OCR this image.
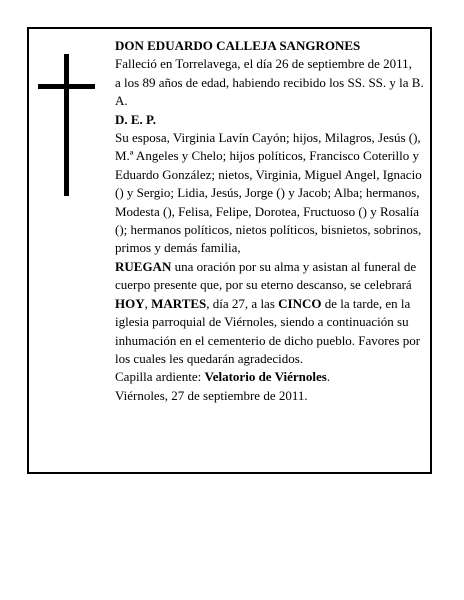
DON EDUARDO CALLEJA SANGRONES

Falleció en Torrelavega, el día 26 de septiembre de 2011,

a los 89 años de edad, habiendo recibido los SS. SS. y la B. A.

D. E. P.

Su esposa, Virginia Lavín Cayón; hijos, Milagros, Jesús (), M.ª Angeles y Chelo; hijos políticos, Francisco Coterillo y Eduardo González; nietos, Virginia, Miguel Angel, Ignacio () y Sergio; Lidia, Jesús, Jorge () y Jacob; Alba; hermanos, Modesta (), Felisa, Felipe, Dorotea, Fructuoso () y Rosalía (); hermanos políticos, nietos políticos, bisnietos, sobrinos, primos y demás familia,

RUEGAN una oración por su alma y asistan al funeral de cuerpo presente que, por su eterno descanso, se celebrará HOY, MARTES, día 27, a las CINCO de la tarde, en la iglesia parroquial de Viérnoles, siendo a continuación su inhumación en el cementerio de dicho pueblo. Favores por los cuales les quedarán agradecidos.

Capilla ardiente: Velatorio de Viérnoles.

Viérnoles, 27 de septiembre de 2011.
